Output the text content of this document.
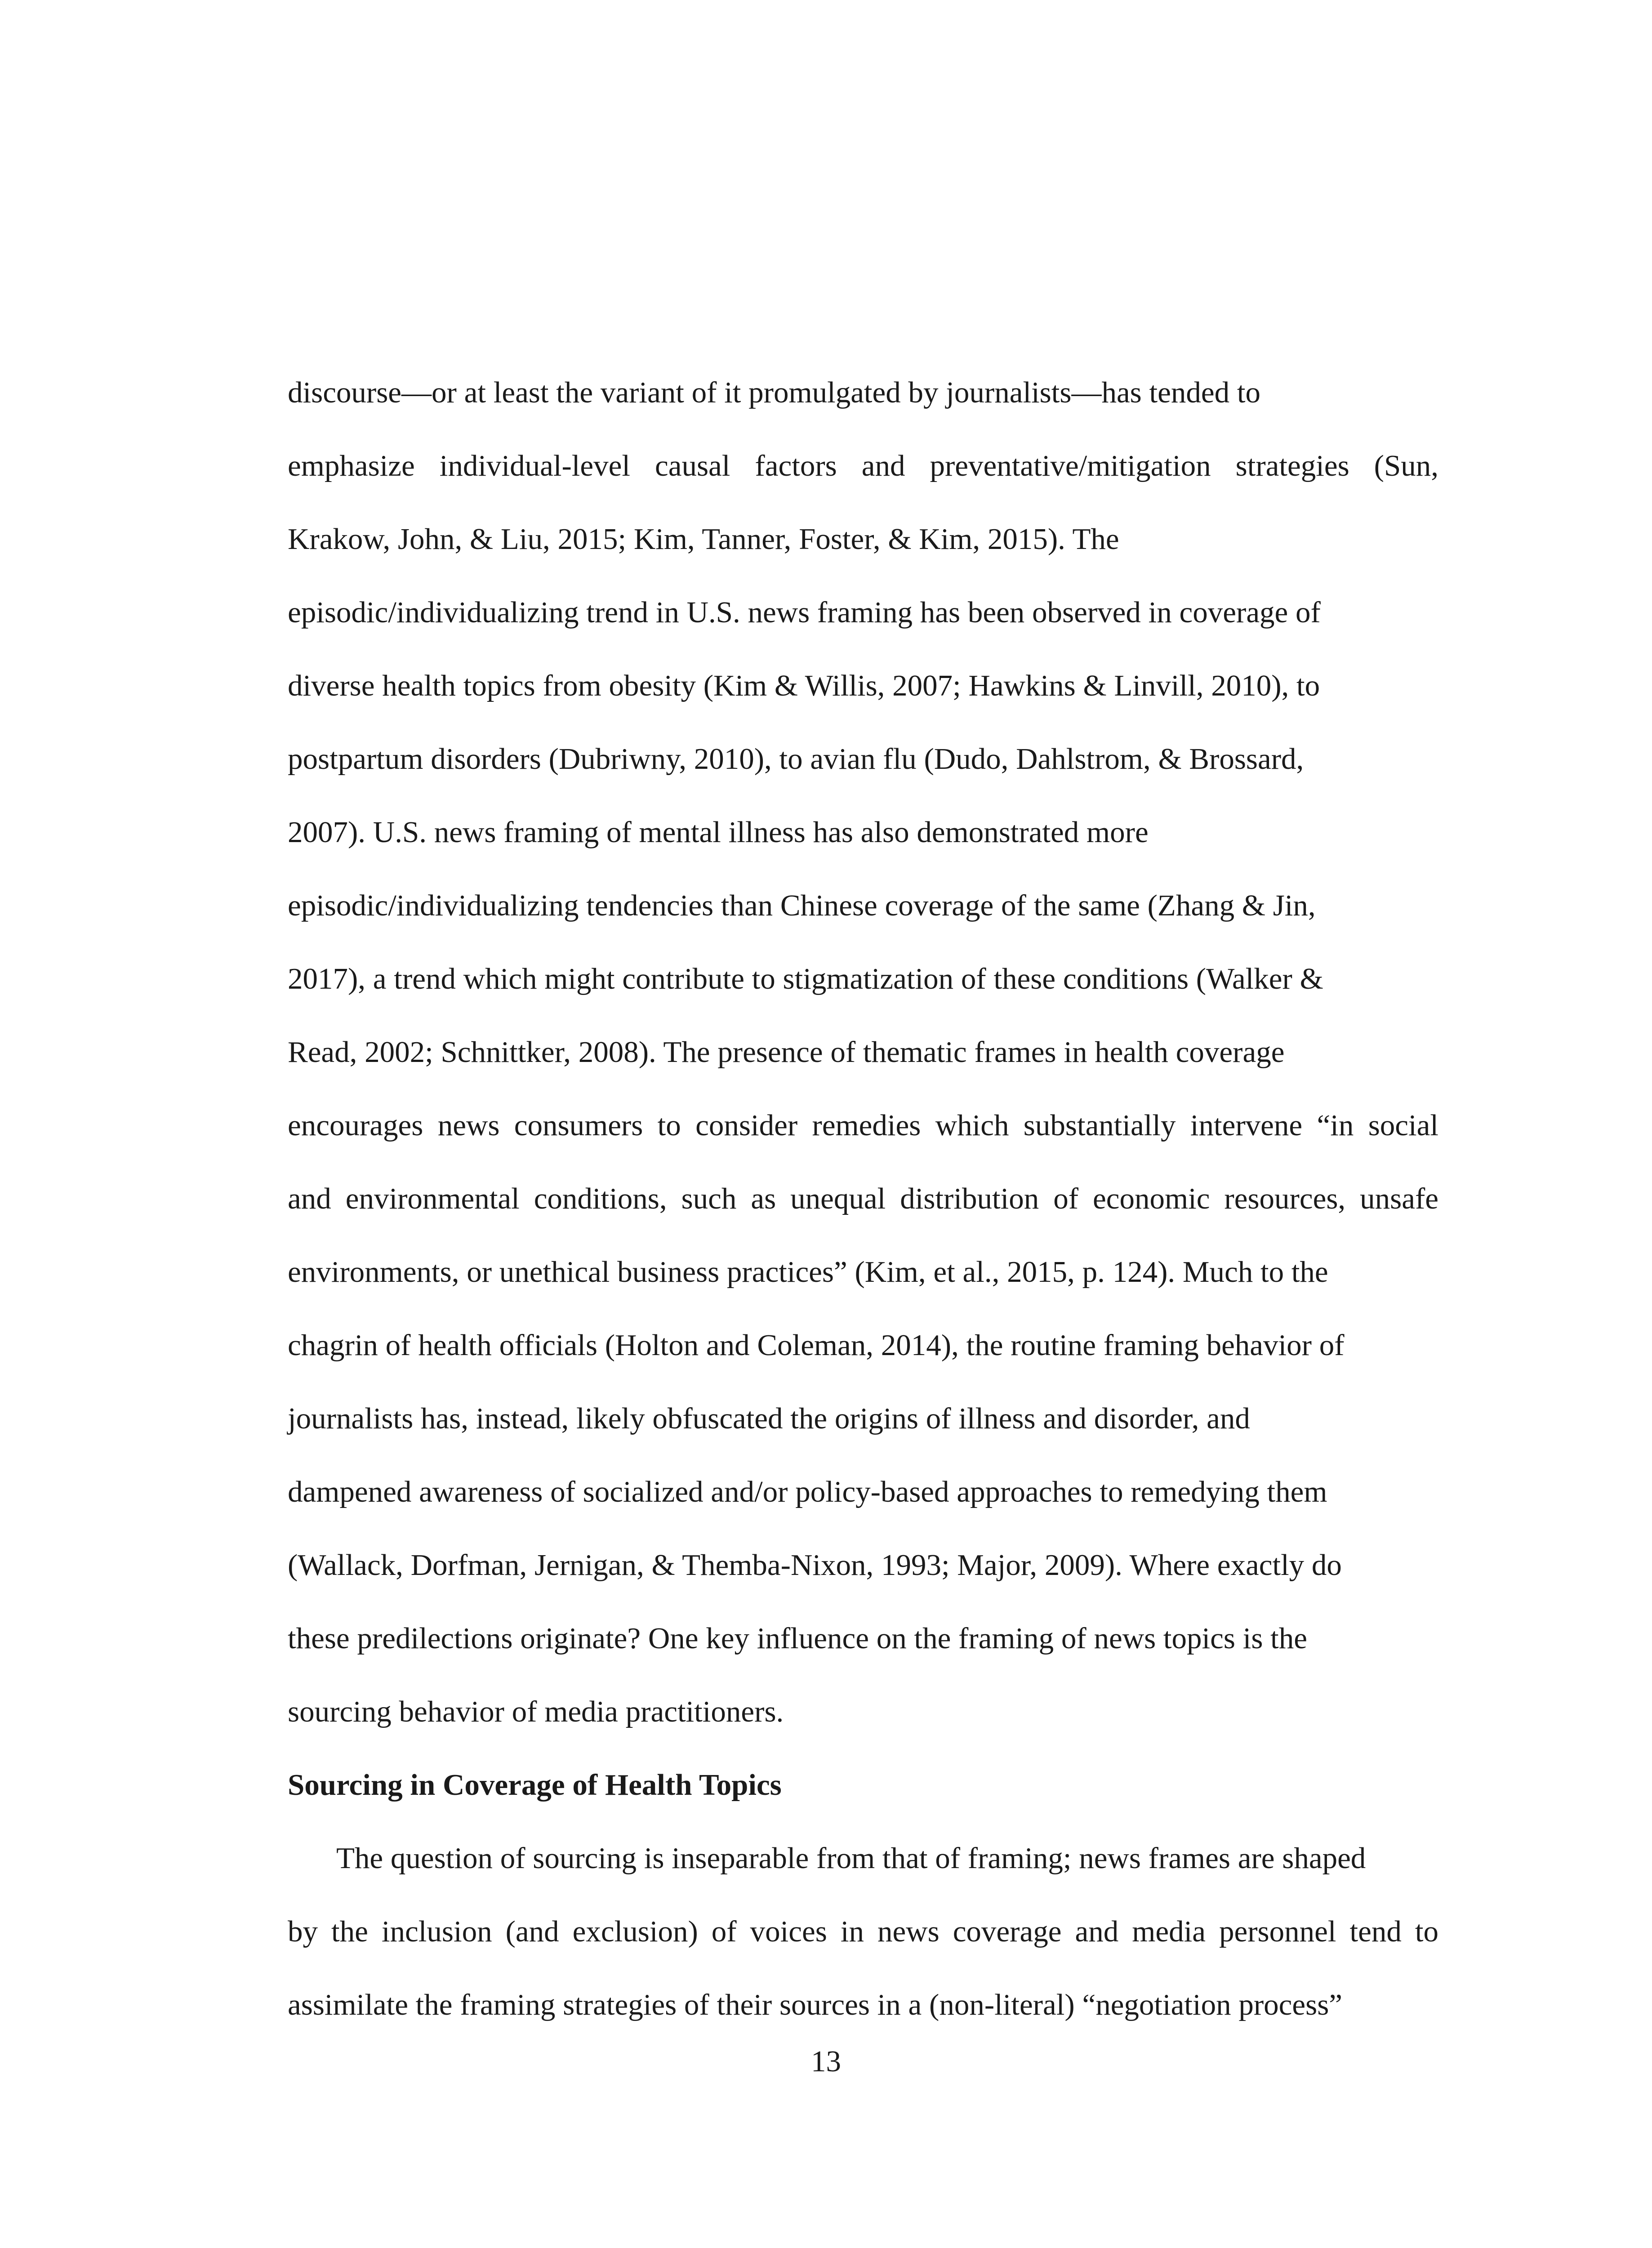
discourse—or at least the variant of it promulgated by journalists—has tended to
emphasize individual-level causal factors and preventative/mitigation strategies (Sun,
Krakow, John, & Liu, 2015; Kim, Tanner, Foster, & Kim, 2015). The
episodic/individualizing trend in U.S. news framing has been observed in coverage of
diverse health topics from obesity (Kim & Willis, 2007; Hawkins & Linvill, 2010), to
postpartum disorders (Dubriwny, 2010), to avian flu (Dudo, Dahlstrom, & Brossard,
2007). U.S. news framing of mental illness has also demonstrated more
episodic/individualizing tendencies than Chinese coverage of the same (Zhang & Jin,
2017), a trend which might contribute to stigmatization of these conditions (Walker &
Read, 2002; Schnittker, 2008). The presence of thematic frames in health coverage
encourages news consumers to consider remedies which substantially intervene “in social
and environmental conditions, such as unequal distribution of economic resources, unsafe
environments, or unethical business practices” (Kim, et al., 2015, p. 124). Much to the
chagrin of health officials (Holton and Coleman, 2014), the routine framing behavior of
journalists has, instead, likely obfuscated the origins of illness and disorder, and
dampened awareness of socialized and/or policy-based approaches to remedying them
(Wallack, Dorfman, Jernigan, & Themba-Nixon, 1993; Major, 2009). Where exactly do
these predilections originate? One key influence on the framing of news topics is the
sourcing behavior of media practitioners.
Sourcing in Coverage of Health Topics
The question of sourcing is inseparable from that of framing; news frames are shaped
by the inclusion (and exclusion) of voices in news coverage and media personnel tend to
assimilate the framing strategies of their sources in a (non-literal) “negotiation process”
13
